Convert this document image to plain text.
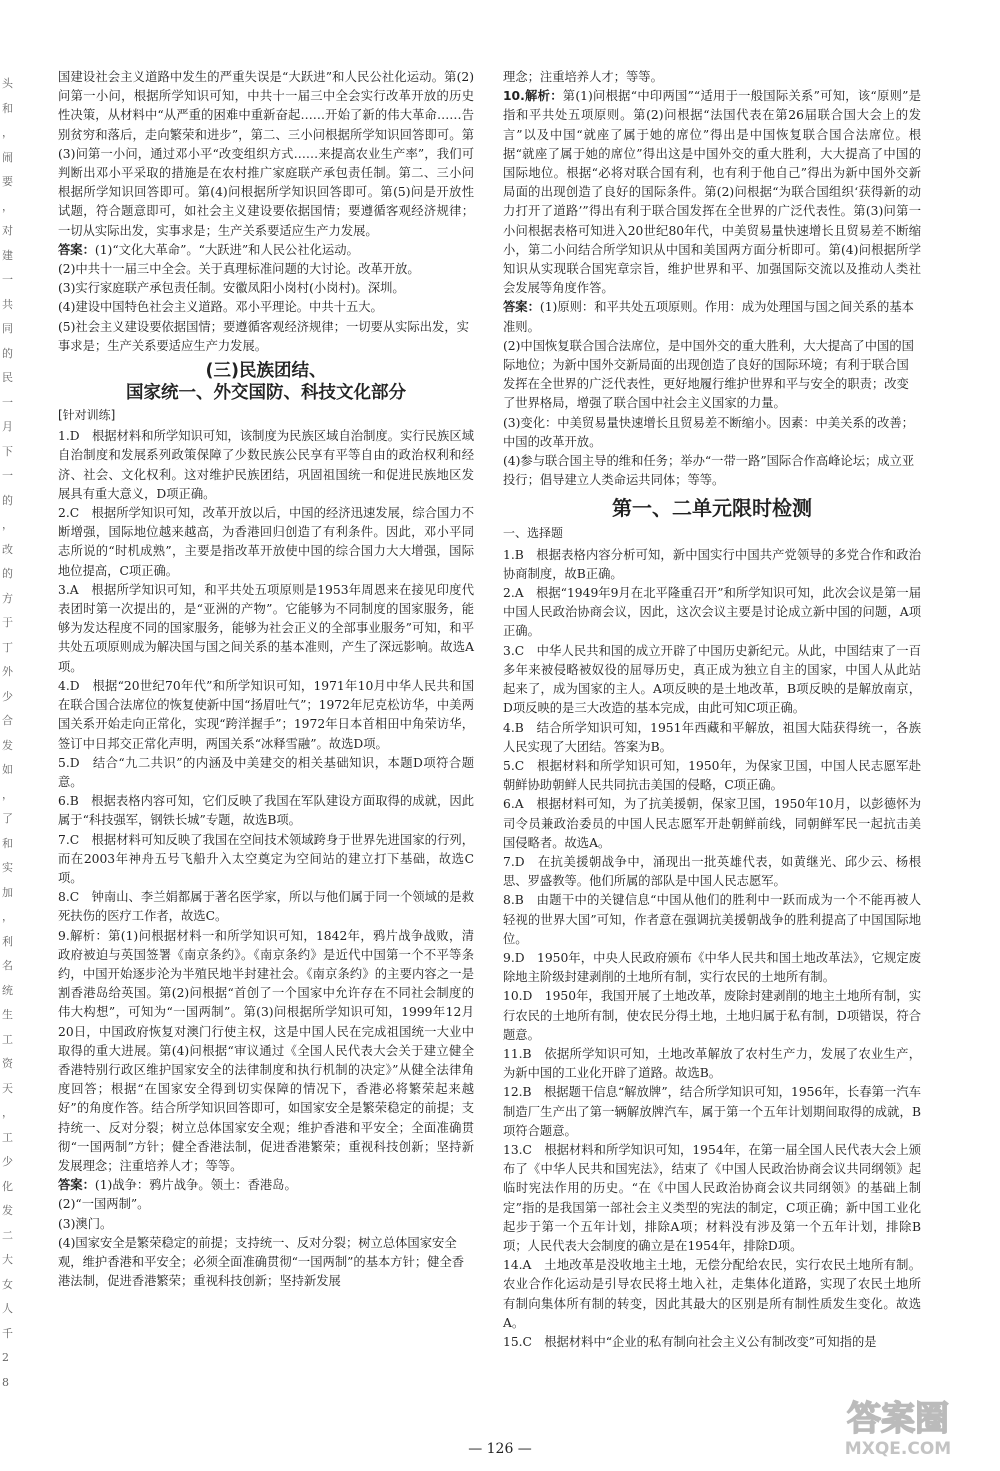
头
和
，
闹
要
，
对
建
一
共
同
的
民
一
月
下
一
的
，
改
的
方
于
丁
外
少
合
发
如
，
了
和
实
加
，
利
名
统
生
工
资
天
，
工
少
化
发
二
大
女
人
千
2
8

国建设社会主义道路中发生的严重失误是“大跃进”和人民公社化运动。第(2)问第一小问，根据所学知识可知，中共十一届三中全会实行改革开放的历史性决策，从材料中“从严重的困难中重新奋起……开始了新的伟大革命……告别贫穷和落后，走向繁荣和进步”，第二、三小问根据所学知识回答即可。第(3)问第一小问，通过邓小平“改变组织方式……来提高农业生产率”，我们可判断出邓小平采取的措施是在农村推广家庭联产承包责任制。第二、三小问根据所学知识回答即可。第(4)问根据所学知识回答即可。第(5)问是开放性试题，符合题意即可，如社会主义建设要依据国情；要遵循客观经济规律；一切从实际出发，实事求是；生产关系要适应生产力发展。

答案：(1)“文化大革命”。“大跃进”和人民公社化运动。

(2)中共十一届三中全会。关于真理标准问题的大讨论。改革开放。

(3)实行家庭联产承包责任制。安徽凤阳小岗村(小岗村)。深圳。

(4)建设中国特色社会主义道路。邓小平理论。中共十五大。

(5)社会主义建设要依据国情；要遵循客观经济规律；一切要从实际出发，实事求是；生产关系要适应生产力发展。

(三)民族团结、
国家统一、外交国防、科技文化部分
[针对训练]

1.D　根据材料和所学知识可知，该制度为民族区域自治制度。实行民族区域自治制度和发展系列政策保障了少数民族公民享有平等自由的政治权利和经济、社会、文化权利。这对维护民族团结，巩固祖国统一和促进民族地区发展具有重大意义，D项正确。

2.C　根据所学知识可知，改革开放以后，中国的经济迅速发展，综合国力不断增强，国际地位越来越高，为香港回归创造了有利条件。因此，邓小平同志所说的“时机成熟”，主要是指改革开放使中国的综合国力大大增强，国际地位提高，C项正确。

3.A　根据所学知识可知，和平共处五项原则是1953年周恩来在接见印度代表团时第一次提出的，是“亚洲的产物”。它能够为不同制度的国家服务，能够为发达程度不同的国家服务，能够为社会正义的全部事业服务”可知，和平共处五项原则成为解决国与国之间关系的基本准则，产生了深远影响。故选A项。

4.D　根据“20世纪70年代”和所学知识可知，1971年10月中华人民共和国在联合国合法席位的恢复使新中国“扬眉吐气”；1972年尼克松访华，中美两国关系开始走向正常化，实现“跨洋握手”；1972年日本首相田中角荣访华，签订中日邦交正常化声明，两国关系“冰释雪融”。故选D项。

5.D　结合“九二共识”的内涵及中美建交的相关基础知识，本题D项符合题意。

6.B　根据表格内容可知，它们反映了我国在军队建设方面取得的成就，因此属于“科技强军，钢铁长城”专题，故选B项。

7.C　根据材料可知反映了我国在空间技术领域跨身于世界先进国家的行列，而在2003年神舟五号飞船升入太空奠定为空间站的建立打下基础，故选C项。

8.C　钟南山、李兰娟都属于著名医学家，所以与他们属于同一个领域的是救死扶伤的医疗工作者，故选C。

9.解析：第(1)问根据材料一和所学知识可知，1842年，鸦片战争战败，清政府被迫与英国签署《南京条约》。《南京条约》是近代中国第一个不平等条约，中国开始逐步沦为半殖民地半封建社会。《南京条约》的主要内容之一是割香港岛给英国。第(2)问根据“首创了一个国家中允许存在不同社会制度的伟大构想”，可知为“一国两制”。第(3)问根据所学知识可知，1999年12月20日，中国政府恢复对澳门行使主权，这是中国人民在完成祖国统一大业中取得的重大进展。第(4)问根据“审议通过《全国人民代表大会关于建立健全香港特别行政区维护国家安全的法律制度和执行机制的决定》”从健全法律角度回答；根据“在国家安全得到切实保障的情况下，香港必将繁荣起来越好”的角度作答。结合所学知识回答即可，如国家安全是繁荣稳定的前提；支持统一、反对分裂；树立总体国家安全观；维护香港和平安全；全面准确贯彻“一国两制”方针；健全香港法制，促进香港繁荣；重视科技创新；坚持新发展理念；注重培养人才；等等。

答案：(1)战争：鸦片战争。领土：香港岛。

(2)“一国两制”。

(3)澳门。

(4)国家安全是繁荣稳定的前提；支持统一、反对分裂；树立总体国家安全观，维护香港和平安全；必须全面准确贯彻“一国两制”的基本方针；健全香港法制，促进香港繁荣；重视科技创新；坚持新发展

理念；注重培养人才；等等。

10.解析：第(1)问根据“中印两国”“适用于一般国际关系”可知，该“原则”是指和平共处五项原则。第(2)问根据“法国代表在第26届联合国大会上的发言”以及中国“就座了属于她的席位”得出是中国恢复联合国合法席位。根据“就座了属于她的席位”得出这是中国外交的重大胜利，大大提高了中国的国际地位。根据“必将对联合国有利，也有利于他自己”得出为新中国外交新局面的出现创造了良好的国际条件。第(2)问根据“为联合国组织‘获得新的动力打开了道路’”得出有利于联合国发挥在全世界的广泛代表性。第(3)问第一小问根据表格可知进入20世纪80年代，中美贸易量快速增长且贸易差不断缩小，第二小问结合所学知识从中国和美国两方面分析即可。第(4)问根据所学知识从实现联合国宪章宗旨，维护世界和平、加强国际交流以及推动人类社会发展等角度作答。

答案：(1)原则：和平共处五项原则。作用：成为处理国与国之间关系的基本准则。

(2)中国恢复联合国合法席位，是中国外交的重大胜利，大大提高了中国的国际地位；为新中国外交新局面的出现创造了良好的国际环境；有利于联合国发挥在全世界的广泛代表性，更好地履行维护世界和平与安全的职责；改变了世界格局，增强了联合国中社会主义国家的力量。

(3)变化：中美贸易量快速增长且贸易差不断缩小。因素：中美关系的改善；中国的改革开放。

(4)参与联合国主导的维和任务；举办“一带一路”国际合作高峰论坛；成立亚投行；倡导建立人类命运共同体；等等。

第一、二单元限时检测
一、选择题

1.B　根据表格内容分析可知，新中国实行中国共产党领导的多党合作和政治协商制度，故B正确。

2.A　根据“1949年9月在北平隆重召开”和所学知识可知，此次会议是第一届中国人民政治协商会议，因此，这次会议主要是讨论成立新中国的问题，A项正确。

3.C　中华人民共和国的成立开辟了中国历史新纪元。从此，中国结束了一百多年来被侵略被奴役的屈辱历史，真正成为独立自主的国家，中国人从此站起来了，成为国家的主人。A项反映的是土地改革，B项反映的是解放南京，D项反映的是三大改造的基本完成，由此可知C项正确。

4.B　结合所学知识可知，1951年西藏和平解放，祖国大陆获得统一，各族人民实现了大团结。答案为B。

5.C　根据材料和所学知识可知，1950年，为保家卫国，中国人民志愿军赴朝鲜协助朝鲜人民共同抗击美国的侵略，C项正确。

6.A　根据材料可知，为了抗美援朝，保家卫国，1950年10月，以彭德怀为司令员兼政治委员的中国人民志愿军开赴朝鲜前线，同朝鲜军民一起抗击美国侵略者。故选A。

7.D　在抗美援朝战争中，涌现出一批英雄代表，如黄继光、邱少云、杨根思、罗盛教等。他们所属的部队是中国人民志愿军。

8.B　由题干中的关键信息“中国从他们的胜利中一跃而成为一个不能再被人轻视的世界大国”可知，作者意在强调抗美援朝战争的胜利提高了中国国际地位。

9.D　1950年，中央人民政府颁布《中华人民共和国土地改革法》，它规定废除地主阶级封建剥削的土地所有制，实行农民的土地所有制。

10.D　1950年，我国开展了土地改革，废除封建剥削的地主土地所有制，实行农民的土地所有制，使农民分得土地，土地归属于私有制，D项错误，符合题意。

11.B　依据所学知识可知，土地改革解放了农村生产力，发展了农业生产，为新中国的工业化开辟了道路。故选B。

12.B　根据题干信息“解放牌”，结合所学知识可知，1956年，长春第一汽车制造厂生产出了第一辆解放牌汽车，属于第一个五年计划期间取得的成就，B项符合题意。

13.C　根据材料和所学知识可知，1954年，在第一届全国人民代表大会上颁布了《中华人民共和国宪法》，结束了《中国人民政治协商会议共同纲领》起临时宪法作用的历史。“在《中国人民政治协商会议共同纲领》的基础上制定”指的是我国第一部社会主义类型的宪法的制定，C项正确；新中国工业化起步于第一个五年计划，排除A项；材料没有涉及第一个五年计划，排除B项；人民代表大会制度的确立是在1954年，排除D项。

14.A　土地改革是没收地主土地，无偿分配给农民，实行农民土地所有制。农业合作化运动是引导农民将土地入社，走集体化道路，实现了农民土地所有制向集体所有制的转变，因此其最大的区别是所有制性质发生变化。故选A。

15.C　根据材料中“企业的私有制向社会主义公有制改变”可知指的是

— 126 —
答案圈
MXQE.COM
